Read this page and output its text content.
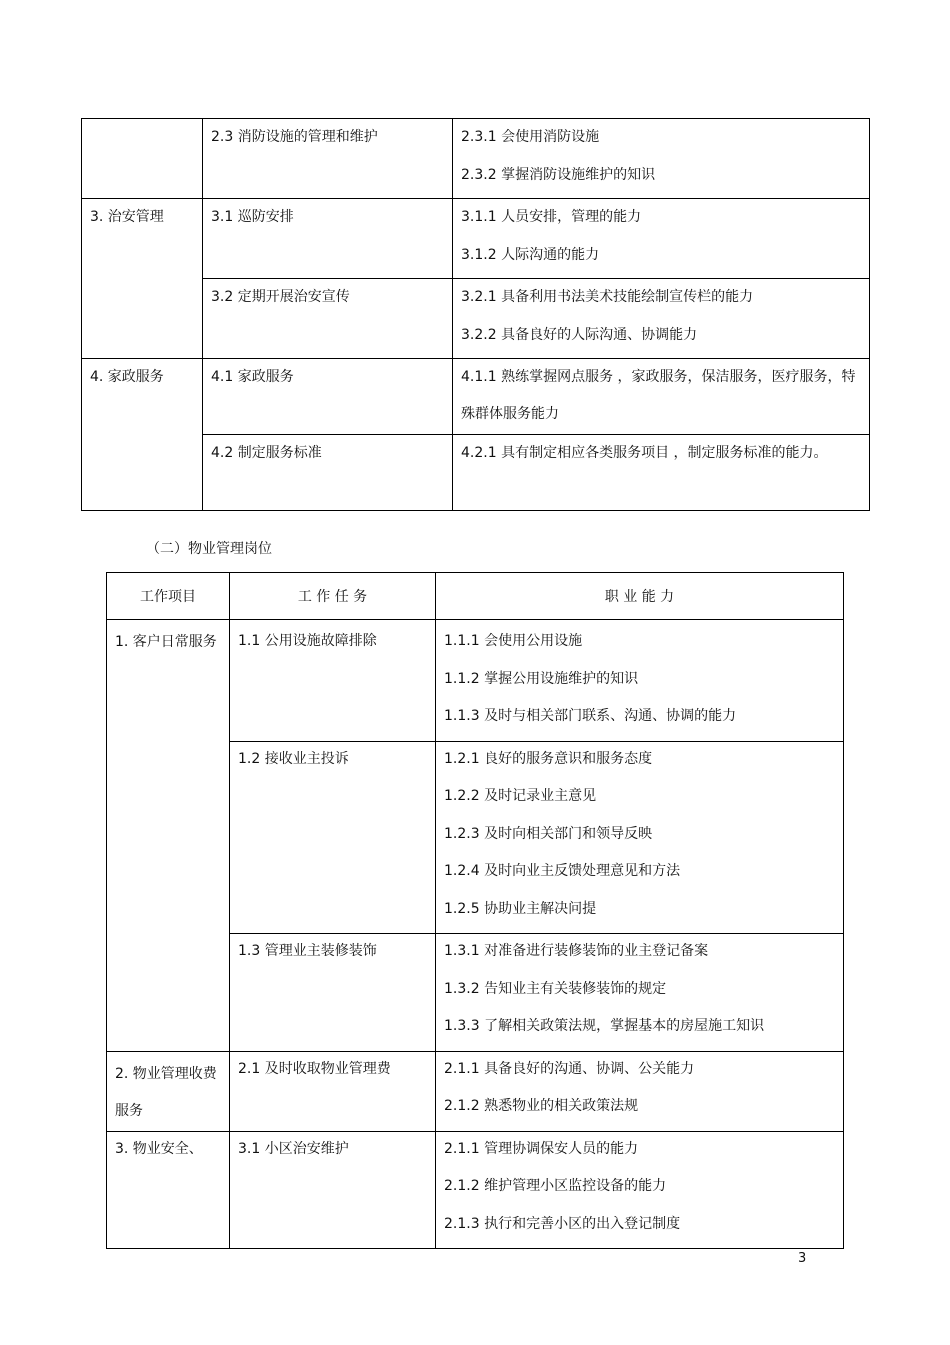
	2.3 消防设施的管理和维护	2.3.1 会使用消防设施
2.3.2 掌握消防设施维护的知识

3. 治安管理	3.1 巡防安排	3.1.1 人员安排，管理的能力
3.1.2 人际沟通的能力

	3.2 定期开展治安宣传	3.2.1 具备利用书法美术技能绘制宣传栏的能力
3.2.2 具备良好的人际沟通、协调能力

4. 家政服务	4.1 家政服务	4.1.1 熟练掌握网点服务 ，家政服务，保洁服务，医疗服务，特殊群体服务能力

	4.2 制定服务标准	4.2.1 具有制定相应各类服务项目 ，制定服务标准的能力。
（二）物业管理岗位
工作项目	工 作 任 务	职 业 能 力

1. 客户日常服务	1.1 公用设施故障排除	1.1.1 会使用公用设施
1.1.2 掌握公用设施维护的知识
1.1.3 及时与相关部门联系、沟通、协调的能力

	1.2 接收业主投诉	1.2.1 良好的服务意识和服务态度
1.2.2 及时记录业主意见
1.2.3 及时向相关部门和领导反映
1.2.4 及时向业主反馈处理意见和方法
1.2.5 协助业主解决问提

	1.3 管理业主装修装饰	1.3.1 对准备进行装修装饰的业主登记备案
1.3.2 告知业主有关装修装饰的规定
1.3.3 了解相关政策法规，掌握基本的房屋施工知识

2. 物业管理收费服务	2.1 及时收取物业管理费	2.1.1 具备良好的沟通、协调、公关能力
2.1.2 熟悉物业的相关政策法规

3. 物业安全、	3.1 小区治安维护	2.1.1 管理协调保安人员的能力
2.1.2 维护管理小区监控设备的能力
2.1.3 执行和完善小区的出入登记制度
3
